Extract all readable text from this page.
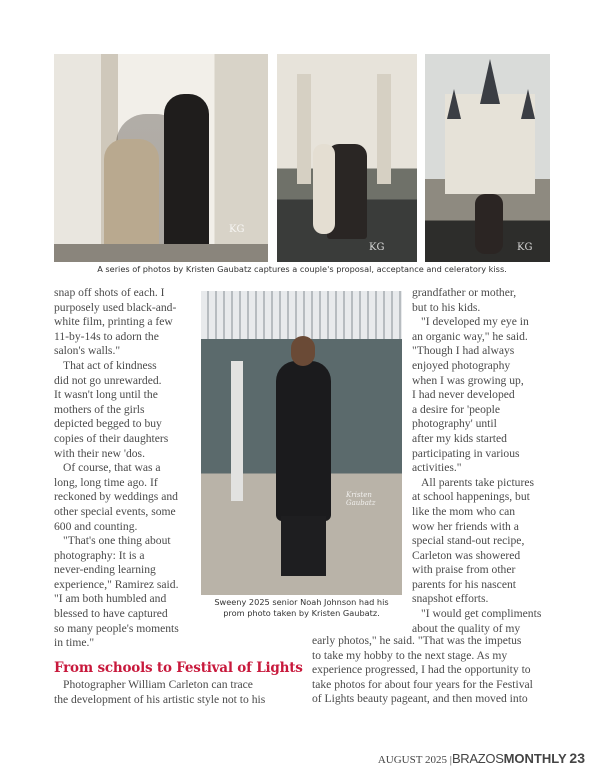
KG
KG	KG
A series of photos by Kristen Gaubatz captures a couple's proposal, acceptance and celeratory kiss.
Kristen Gaubatz
Sweeny 2025 senior Noah Johnson had his
prom photo taken by Kristen Gaubatz.
snap off shots of each. I
purposely used black-and-
white film, printing a few
11-by-14s to adorn the
salon's walls."
That act of kindness
did not go unrewarded.
It wasn't long until the
mothers of the girls
depicted begged to buy
copies of their daughters
with their new 'dos.
Of course, that was a
long, long time ago. If
reckoned by weddings and
other special events, some
600 and counting.
"That's one thing about
photography: It is a
never-ending learning
experience," Ramirez said.
"I am both humbled and
blessed to have captured
so many people's moments
in time."
From schools to Festival of Lights
Photographer William Carleton can trace
the development of his artistic style not to his
grandfather or mother,
but to his kids.
"I developed my eye in
an organic way," he said.
"Though I had always
enjoyed photography
when I was growing up,
I had never developed
a desire for 'people
photography' until
after my kids started
participating in various
activities."
All parents take pictures
at school happenings, but
like the mom who can
wow her friends with a
special stand-out recipe,
Carleton was showered
with praise from other
parents for his nascent
snapshot efforts.
"I would get compliments
about the quality of my
early photos," he said. "That was the impetus
to take my hobby to the next stage. As my
experience progressed, I had the opportunity to
take photos for about four years for the Festival
of Lights beauty pageant, and then moved into
AUGUST 2025 |BRAZOSMONTHLY 23
